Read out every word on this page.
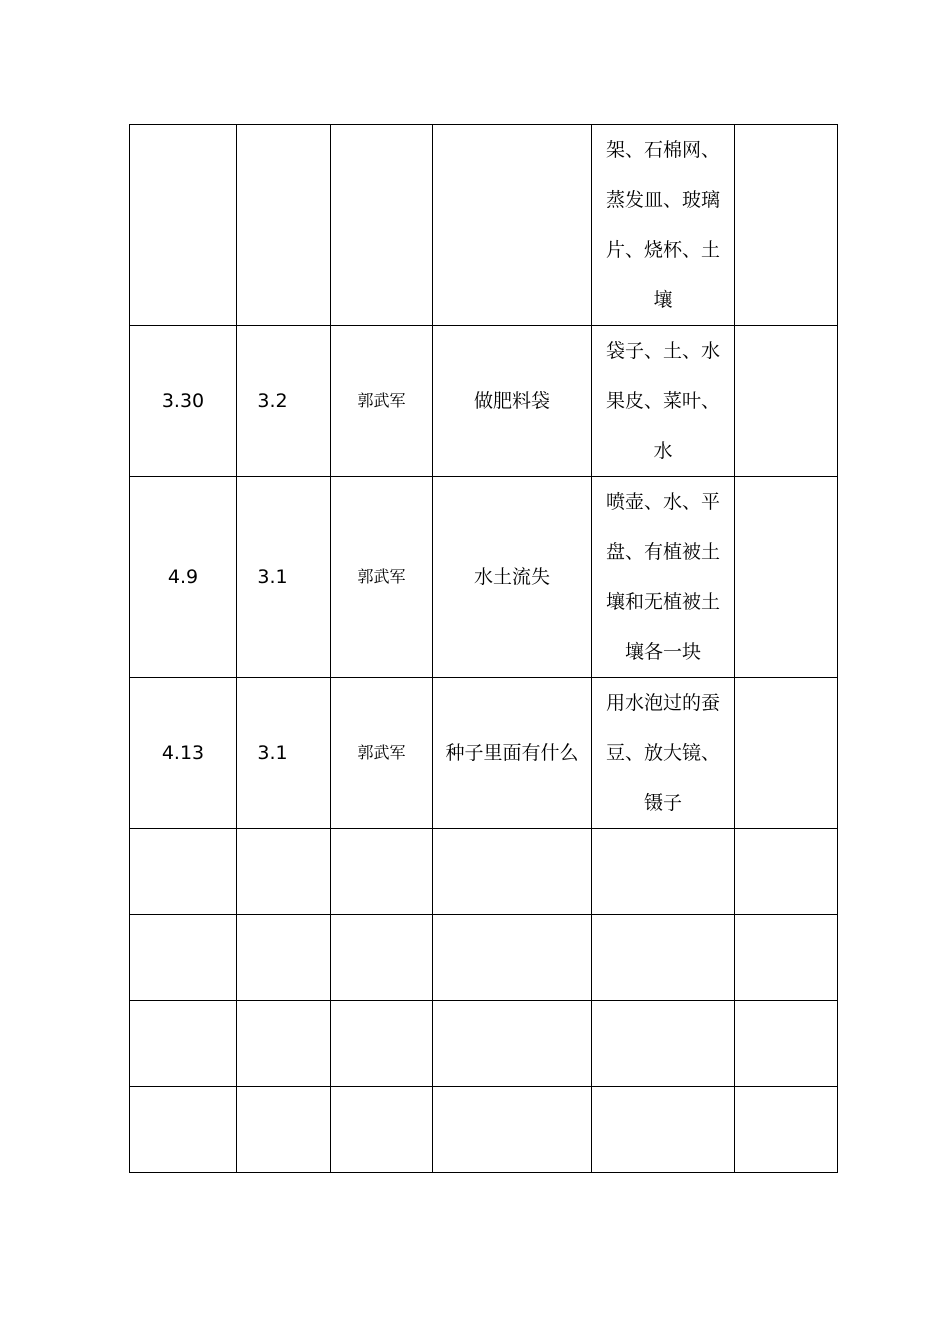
				架、石棉网、蒸发皿、玻璃片、烧杯、土壤	
3.30	3.2	郭武军	做肥料袋	袋子、土、水果皮、菜叶、水	
4.9	3.1	郭武军	水土流失	喷壶、水、平盘、有植被土壤和无植被土壤各一块	
4.13	3.1	郭武军	种子里面有什么	用水泡过的蚕豆、放大镜、镊子	
